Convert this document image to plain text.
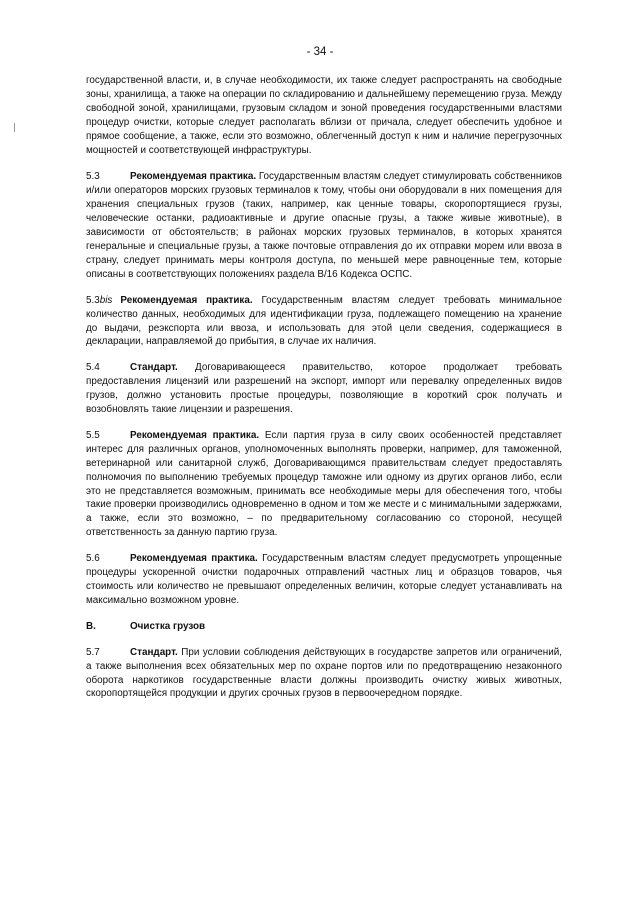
- 34 -

государственной власти, и, в случае необходимости, их также следует распространять на свободные зоны, хранилища, а также на операции по складированию и дальнейшему перемещению груза. Между свободной зоной, хранилищами, грузовым складом и зоной проведения государственными властями процедур очистки, которые следует располагать вблизи от причала, следует обеспечить удобное и прямое сообщение, а также, если это возможно, облегченный доступ к ним и наличие перегрузочных мощностей и соответствующей инфраструктуры.

5.3	Рекомендуемая практика. Государственным властям следует стимулировать собственников и/или операторов морских грузовых терминалов к тому, чтобы они оборудовали в них помещения для хранения специальных грузов (таких, например, как ценные товары, скоропортящиеся грузы, человеческие останки, радиоактивные и другие опасные грузы, а также живые животные), в зависимости от обстоятельств; в районах морских грузовых терминалов, в которых хранятся генеральные и специальные грузы, а также почтовые отправления до их отправки морем или ввоза в страну, следует принимать меры контроля доступа, по меньшей мере равноценные тем, которые описаны в соответствующих положениях раздела В/16 Кодекса ОСПС.

5.3bis Рекомендуемая практика. Государственным властям следует требовать минимальное количество данных, необходимых для идентификации груза, подлежащего помещению на хранение до выдачи, реэкспорта или ввоза, и использовать для этой цели сведения, содержащиеся в декларации, направляемой до прибытия, в случае их наличия.

5.4	Стандарт. Договаривающееся правительство, которое продолжает требовать предоставления лицензий или разрешений на экспорт, импорт или перевалку определенных видов грузов, должно установить простые процедуры, позволяющие в короткий срок получать и возобновлять такие лицензии и разрешения.

5.5	Рекомендуемая практика. Если партия груза в силу своих особенностей представляет интерес для различных органов, уполномоченных выполнять проверки, например, для таможенной, ветеринарной или санитарной служб, Договаривающимся правительствам следует предоставлять полномочия по выполнению требуемых процедур таможне или одному из других органов либо, если это не представляется возможным, принимать все необходимые меры для обеспечения того, чтобы такие проверки производились одновременно в одном и том же месте и с минимальными задержками, а также, если это возможно, – по предварительному согласованию со стороной, несущей ответственность за данную партию груза.

5.6	Рекомендуемая практика. Государственным властям следует предусмотреть упрощенные процедуры ускоренной очистки подарочных отправлений частных лиц и образцов товаров, чья стоимость или количество не превышают определенных величин, которые следует устанавливать на максимально возможном уровне.

B.	Очистка грузов

5.7	Стандарт. При условии соблюдения действующих в государстве запретов или ограничений, а также выполнения всех обязательных мер по охране портов или по предотвращению незаконного оборота наркотиков государственные власти должны производить очистку живых животных, скоропортящейся продукции и других срочных грузов в первоочередном порядке.
